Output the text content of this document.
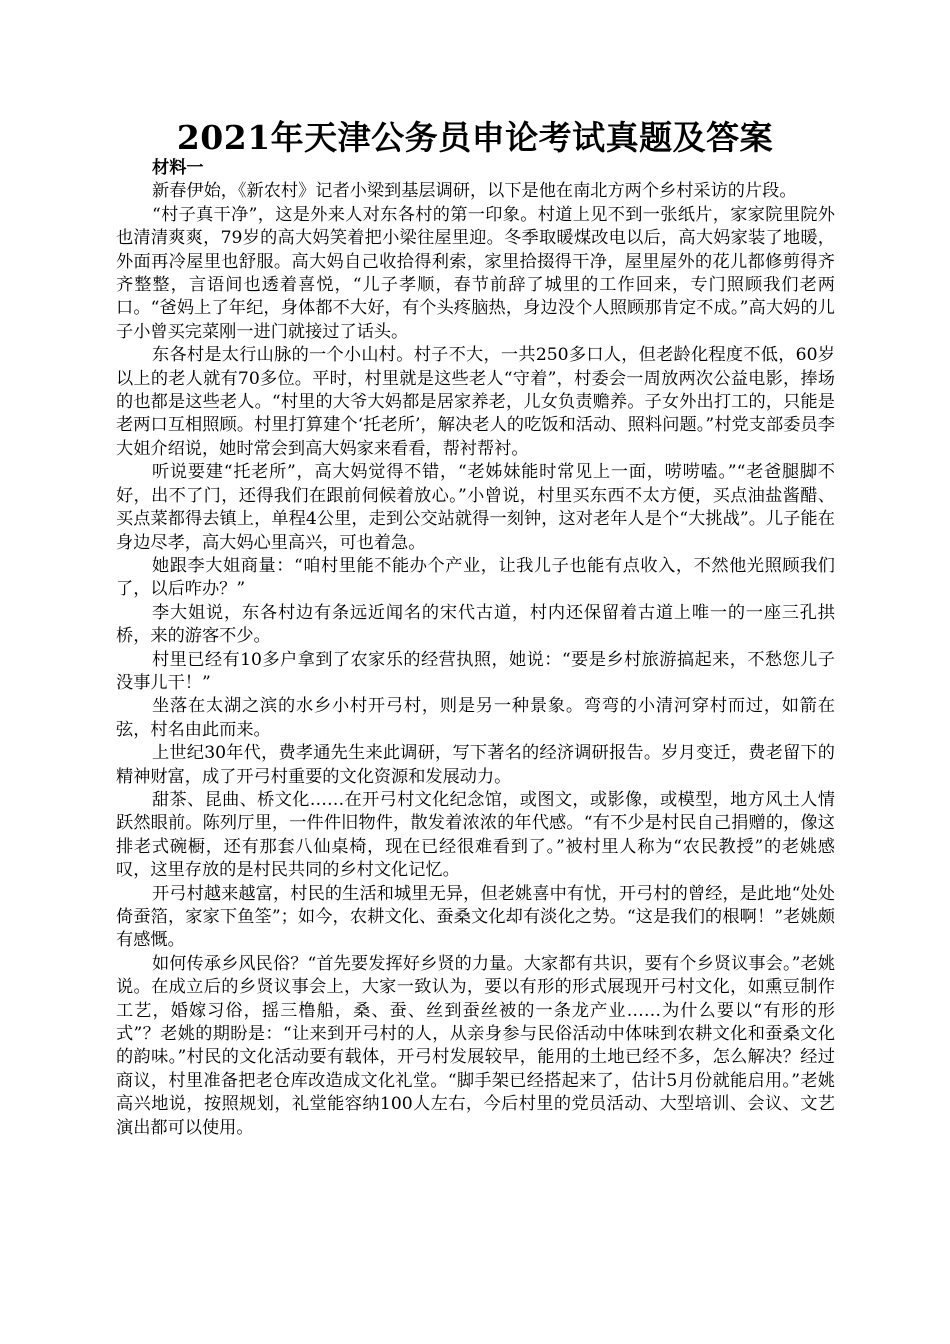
2021年天津公务员申论考试真题及答案

材料一

新春伊始，《新农村》记者小梁到基层调研，以下是他在南北方两个乡村采访的片段。

“村子真干净”，这是外来人对东各村的第一印象。村道上见不到一张纸片，家家院里院外也清清爽爽，79岁的高大妈笑着把小梁往屋里迎。冬季取暖煤改电以后，高大妈家装了地暖，外面再冷屋里也舒服。高大妈自己收拾得利索，家里拾掇得干净，屋里屋外的花儿都修剪得齐齐整整，言语间也透着喜悦，“儿子孝顺，春节前辞了城里的工作回来，专门照顾我们老两口。“爸妈上了年纪，身体都不大好，有个头疼脑热，身边没个人照顾那肯定不成。”高大妈的儿子小曾买完菜刚一进门就接过了话头。

东各村是太行山脉的一个小山村。村子不大，一共250多口人，但老龄化程度不低，60岁以上的老人就有70多位。平时，村里就是这些老人“守着”，村委会一周放两次公益电影，捧场的也都是这些老人。“村里的大爷大妈都是居家养老，儿女负责赡养。子女外出打工的，只能是老两口互相照顾。村里打算建个‘托老所’，解决老人的吃饭和活动、照料问题。”村党支部委员李大姐介绍说，她时常会到高大妈家来看看，帮衬帮衬。

听说要建“托老所”，高大妈觉得不错，“老姊妹能时常见上一面，唠唠嗑。”“老爸腿脚不好，出不了门，还得我们在跟前伺候着放心。”小曾说，村里买东西不太方便，买点油盐酱醋、买点菜都得去镇上，单程4公里，走到公交站就得一刻钟，这对老年人是个“大挑战”。儿子能在身边尽孝，高大妈心里高兴，可也着急。

她跟李大姐商量：“咱村里能不能办个产业，让我儿子也能有点收入，不然他光照顾我们了，以后咋办？”

李大姐说，东各村边有条远近闻名的宋代古道，村内还保留着古道上唯一的一座三孔拱桥，来的游客不少。

村里已经有10多户拿到了农家乐的经营执照，她说：“要是乡村旅游搞起来，不愁您儿子没事儿干！”

坐落在太湖之滨的水乡小村开弓村，则是另一种景象。弯弯的小清河穿村而过，如箭在弦，村名由此而来。

上世纪30年代，费孝通先生来此调研，写下著名的经济调研报告。岁月变迁，费老留下的精神财富，成了开弓村重要的文化资源和发展动力。

甜茶、昆曲、桥文化……在开弓村文化纪念馆，或图文，或影像，或模型，地方风土人情跃然眼前。陈列厅里，一件件旧物件，散发着浓浓的年代感。“有不少是村民自己捐赠的，像这排老式碗橱，还有那套八仙桌椅，现在已经很难看到了。”被村里人称为“农民教授”的老姚感叹，这里存放的是村民共同的乡村文化记忆。

开弓村越来越富，村民的生活和城里无异，但老姚喜中有忧，开弓村的曾经，是此地“处处倚蚕箔，家家下鱼筌”；如今，农耕文化、蚕桑文化却有淡化之势。“这是我们的根啊！”老姚颇有感慨。

如何传承乡风民俗？“首先要发挥好乡贤的力量。大家都有共识，要有个乡贤议事会。”老姚说。在成立后的乡贤议事会上，大家一致认为，要以有形的形式展现开弓村文化，如熏豆制作工艺，婚嫁习俗，摇三橹船，桑、蚕、丝到蚕丝被的一条龙产业……为什么要以“有形的形式”？老姚的期盼是：“让来到开弓村的人，从亲身参与民俗活动中体味到农耕文化和蚕桑文化的韵味。”村民的文化活动要有载体，开弓村发展较早，能用的土地已经不多，怎么解决？经过商议，村里准备把老仓库改造成文化礼堂。“脚手架已经搭起来了，估计5月份就能启用。”老姚高兴地说，按照规划，礼堂能容纳100人左右，今后村里的党员活动、大型培训、会议、文艺演出都可以使用。
